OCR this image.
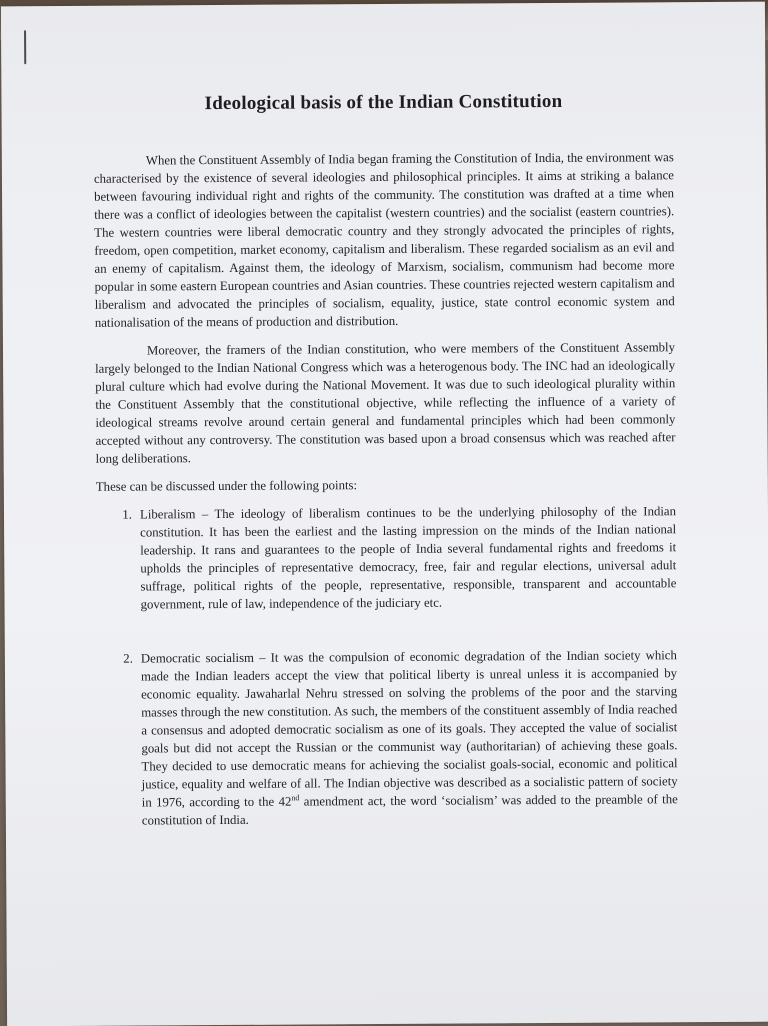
Ideological basis of the Indian Constitution

When the Constituent Assembly of India began framing the Constitution of India, the environment was characterised by the existence of several ideologies and philosophical principles. It aims at striking a balance between favouring individual right and rights of the community. The constitution was drafted at a time when there was a conflict of ideologies between the capitalist (western countries) and the socialist (eastern countries). The western countries were liberal democratic country and they strongly advocated the principles of rights, freedom, open competition, market economy, capitalism and liberalism. These regarded socialism as an evil and an enemy of capitalism. Against them, the ideology of Marxism, socialism, communism had become more popular in some eastern European countries and Asian countries. These countries rejected western capitalism and liberalism and advocated the principles of socialism, equality, justice, state control economic system and nationalisation of the means of production and distribution.

Moreover, the framers of the Indian constitution, who were members of the Constituent Assembly largely belonged to the Indian National Congress which was a heterogenous body. The INC had an ideologically plural culture which had evolve during the National Movement. It was due to such ideological plurality within the Constituent Assembly that the constitutional objective, while reflecting the influence of a variety of ideological streams revolve around certain general and fundamental principles which had been commonly accepted without any controversy. The constitution was based upon a broad consensus which was reached after long deliberations.

These can be discussed under the following points:

1. Liberalism – The ideology of liberalism continues to be the underlying philosophy of the Indian constitution. It has been the earliest and the lasting impression on the minds of the Indian national leadership. It rans and guarantees to the people of India several fundamental rights and freedoms it upholds the principles of representative democracy, free, fair and regular elections, universal adult suffrage, political rights of the people, representative, responsible, transparent and accountable government, rule of law, independence of the judiciary etc.
2. Democratic socialism – It was the compulsion of economic degradation of the Indian society which made the Indian leaders accept the view that political liberty is unreal unless it is accompanied by economic equality. Jawaharlal Nehru stressed on solving the problems of the poor and the starving masses through the new constitution. As such, the members of the constituent assembly of India reached a consensus and adopted democratic socialism as one of its goals. They accepted the value of socialist goals but did not accept the Russian or the communist way (authoritarian) of achieving these goals. They decided to use democratic means for achieving the socialist goals-social, economic and political justice, equality and welfare of all. The Indian objective was described as a socialistic pattern of society in 1976, according to the 42nd amendment act, the word ‘socialism’ was added to the preamble of the constitution of India.
